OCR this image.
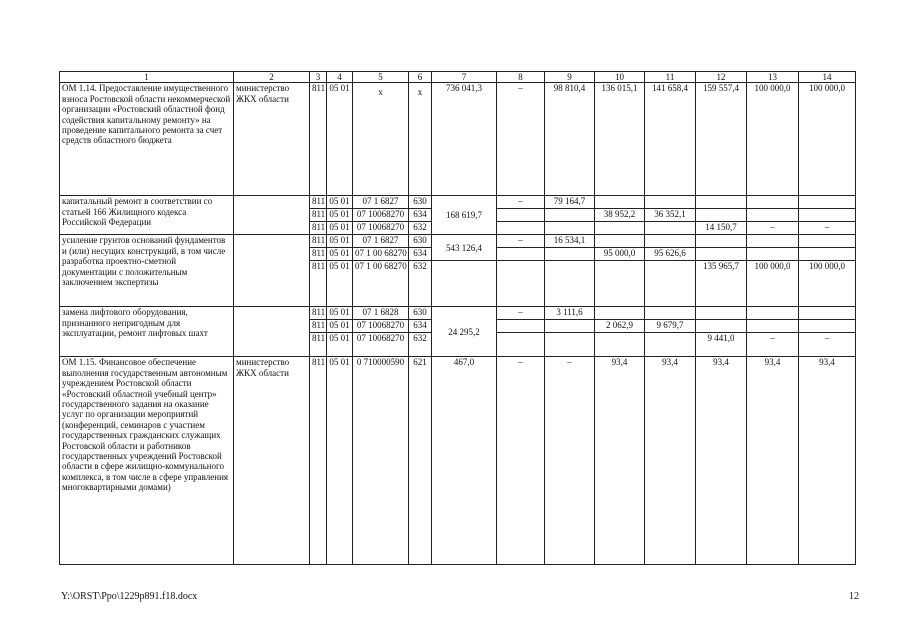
1	2	3	4	5	6	7	8	9	10	11	12	13	14
ОМ 1.14. Предоставление имущественного взноса Ростовской области некоммерческой организации «Ростовский областной фонд содействия капитальному ремонту» на проведение капитального ремонта за счет средств областного бюджета	министерство ЖКХ области	811	05 01	х	х	736 041,3	–	98 810,4	136 015,1	141 658,4	159 557,4	100 000,0	100 000,0
капитальный ремонт в соответствии со статьей 166 Жилищного кодекса Российской Федерации		811	05 01	07 1 6827	630	168 619,7	–	79 164,7					
		811	05 01	07 10068270	634				38 952,2	36 352,1			
		811	05 01	07 10068270	632						14 150,7	–	–
усиление грунтов оснований фундаментов и (или) несущих конструкций, в том числе разработка проектно-сметной документации с положительным заключением экспертизы		811	05 01	07 1 6827	630	543 126,4	–	16 534,1					
		811	05 01	07 1 00 68270	634				95 000,0	95 626,6			
		811	05 01	07 1 00 68270	632						135 965,7	100 000,0	100 000,0
замена лифтового оборудования, признанного непригодным для эксплуатации, ремонт лифтовых шахт		811	05 01	07 1 6828	630	24 295,2	–	3 111,6					
		811	05 01	07 10068270	634				2 062,9	9 679,7			
		811	05 01	07 10068270	632						9 441,0	–	–
ОМ 1.15. Финансовое обеспечение выполнения государственным автономным учреждением Ростовской области «Ростовский областной учебный центр» государственного задания на оказание услуг по организации мероприятий (конференций, семинаров с участием государственных гражданских служащих Ростовской области и работников государственных учреждений Ростовской области в сфере жилищно-коммунального комплекса, в том числе в сфере управления многоквартирными домами)	министерство ЖКХ области	811	05 01	0 710000590	621	467,0	–	–	93,4	93,4	93,4	93,4	93,4
Y:\ORST\Ppo\1229p891.f18.docx	12
